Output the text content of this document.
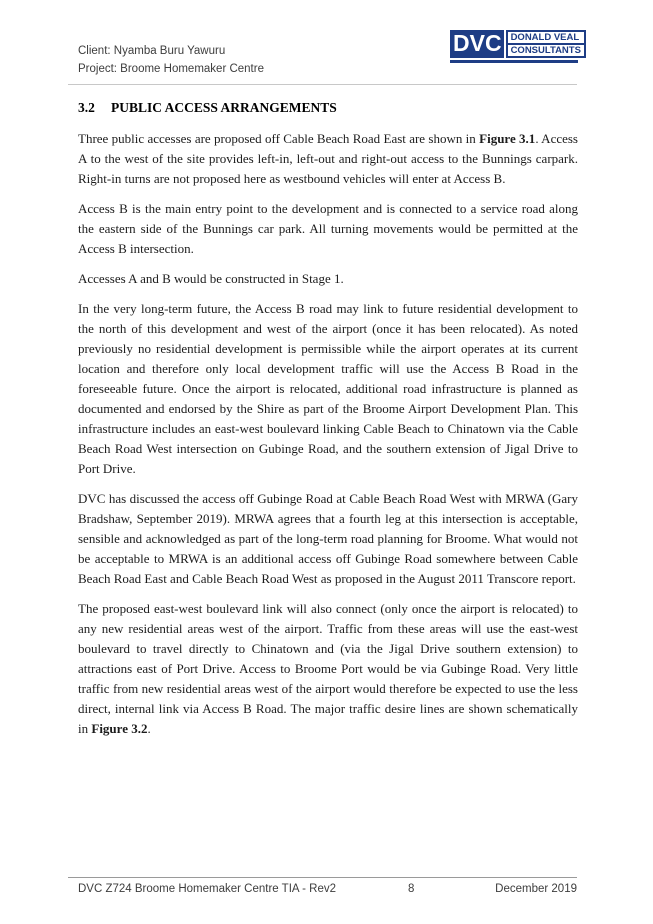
Client: Nyamba Buru Yawuru
Project: Broome Homemaker Centre
DVC DONALD VEAL
CONSULTANTS
3.2	PUBLIC ACCESS ARRANGEMENTS

Three public accesses are proposed off Cable Beach Road East are shown in Figure 3.1. Access A to the west of the site provides left-in, left-out and right-out access to the Bunnings carpark. Right-in turns are not proposed here as westbound vehicles will enter at Access B.

Access B is the main entry point to the development and is connected to a service road along the eastern side of the Bunnings car park. All turning movements would be permitted at the Access B intersection.

Accesses A and B would be constructed in Stage 1.

In the very long-term future, the Access B road may link to future residential development to the north of this development and west of the airport (once it has been relocated). As noted previously no residential development is permissible while the airport operates at its current location and therefore only local development traffic will use the Access B Road in the foreseeable future. Once the airport is relocated, additional road infrastructure is planned as documented and endorsed by the Shire as part of the Broome Airport Development Plan. This infrastructure includes an east-west boulevard linking Cable Beach to Chinatown via the Cable Beach Road West intersection on Gubinge Road, and the southern extension of Jigal Drive to Port Drive.

DVC has discussed the access off Gubinge Road at Cable Beach Road West with MRWA (Gary Bradshaw, September 2019). MRWA agrees that a fourth leg at this intersection is acceptable, sensible and acknowledged as part of the long-term road planning for Broome. What would not be acceptable to MRWA is an additional access off Gubinge Road somewhere between Cable Beach Road East and Cable Beach Road West as proposed in the August 2011 Transcore report.

The proposed east-west boulevard link will also connect (only once the airport is relocated) to any new residential areas west of the airport. Traffic from these areas will use the east-west boulevard to travel directly to Chinatown and (via the Jigal Drive southern extension) to attractions east of Port Drive. Access to Broome Port would be via Gubinge Road. Very little traffic from new residential areas west of the airport would therefore be expected to use the less direct, internal link via Access B Road. The major traffic desire lines are shown schematically in Figure 3.2.

DVC Z724 Broome Homemaker Centre TIA - Rev2	8	December 2019
